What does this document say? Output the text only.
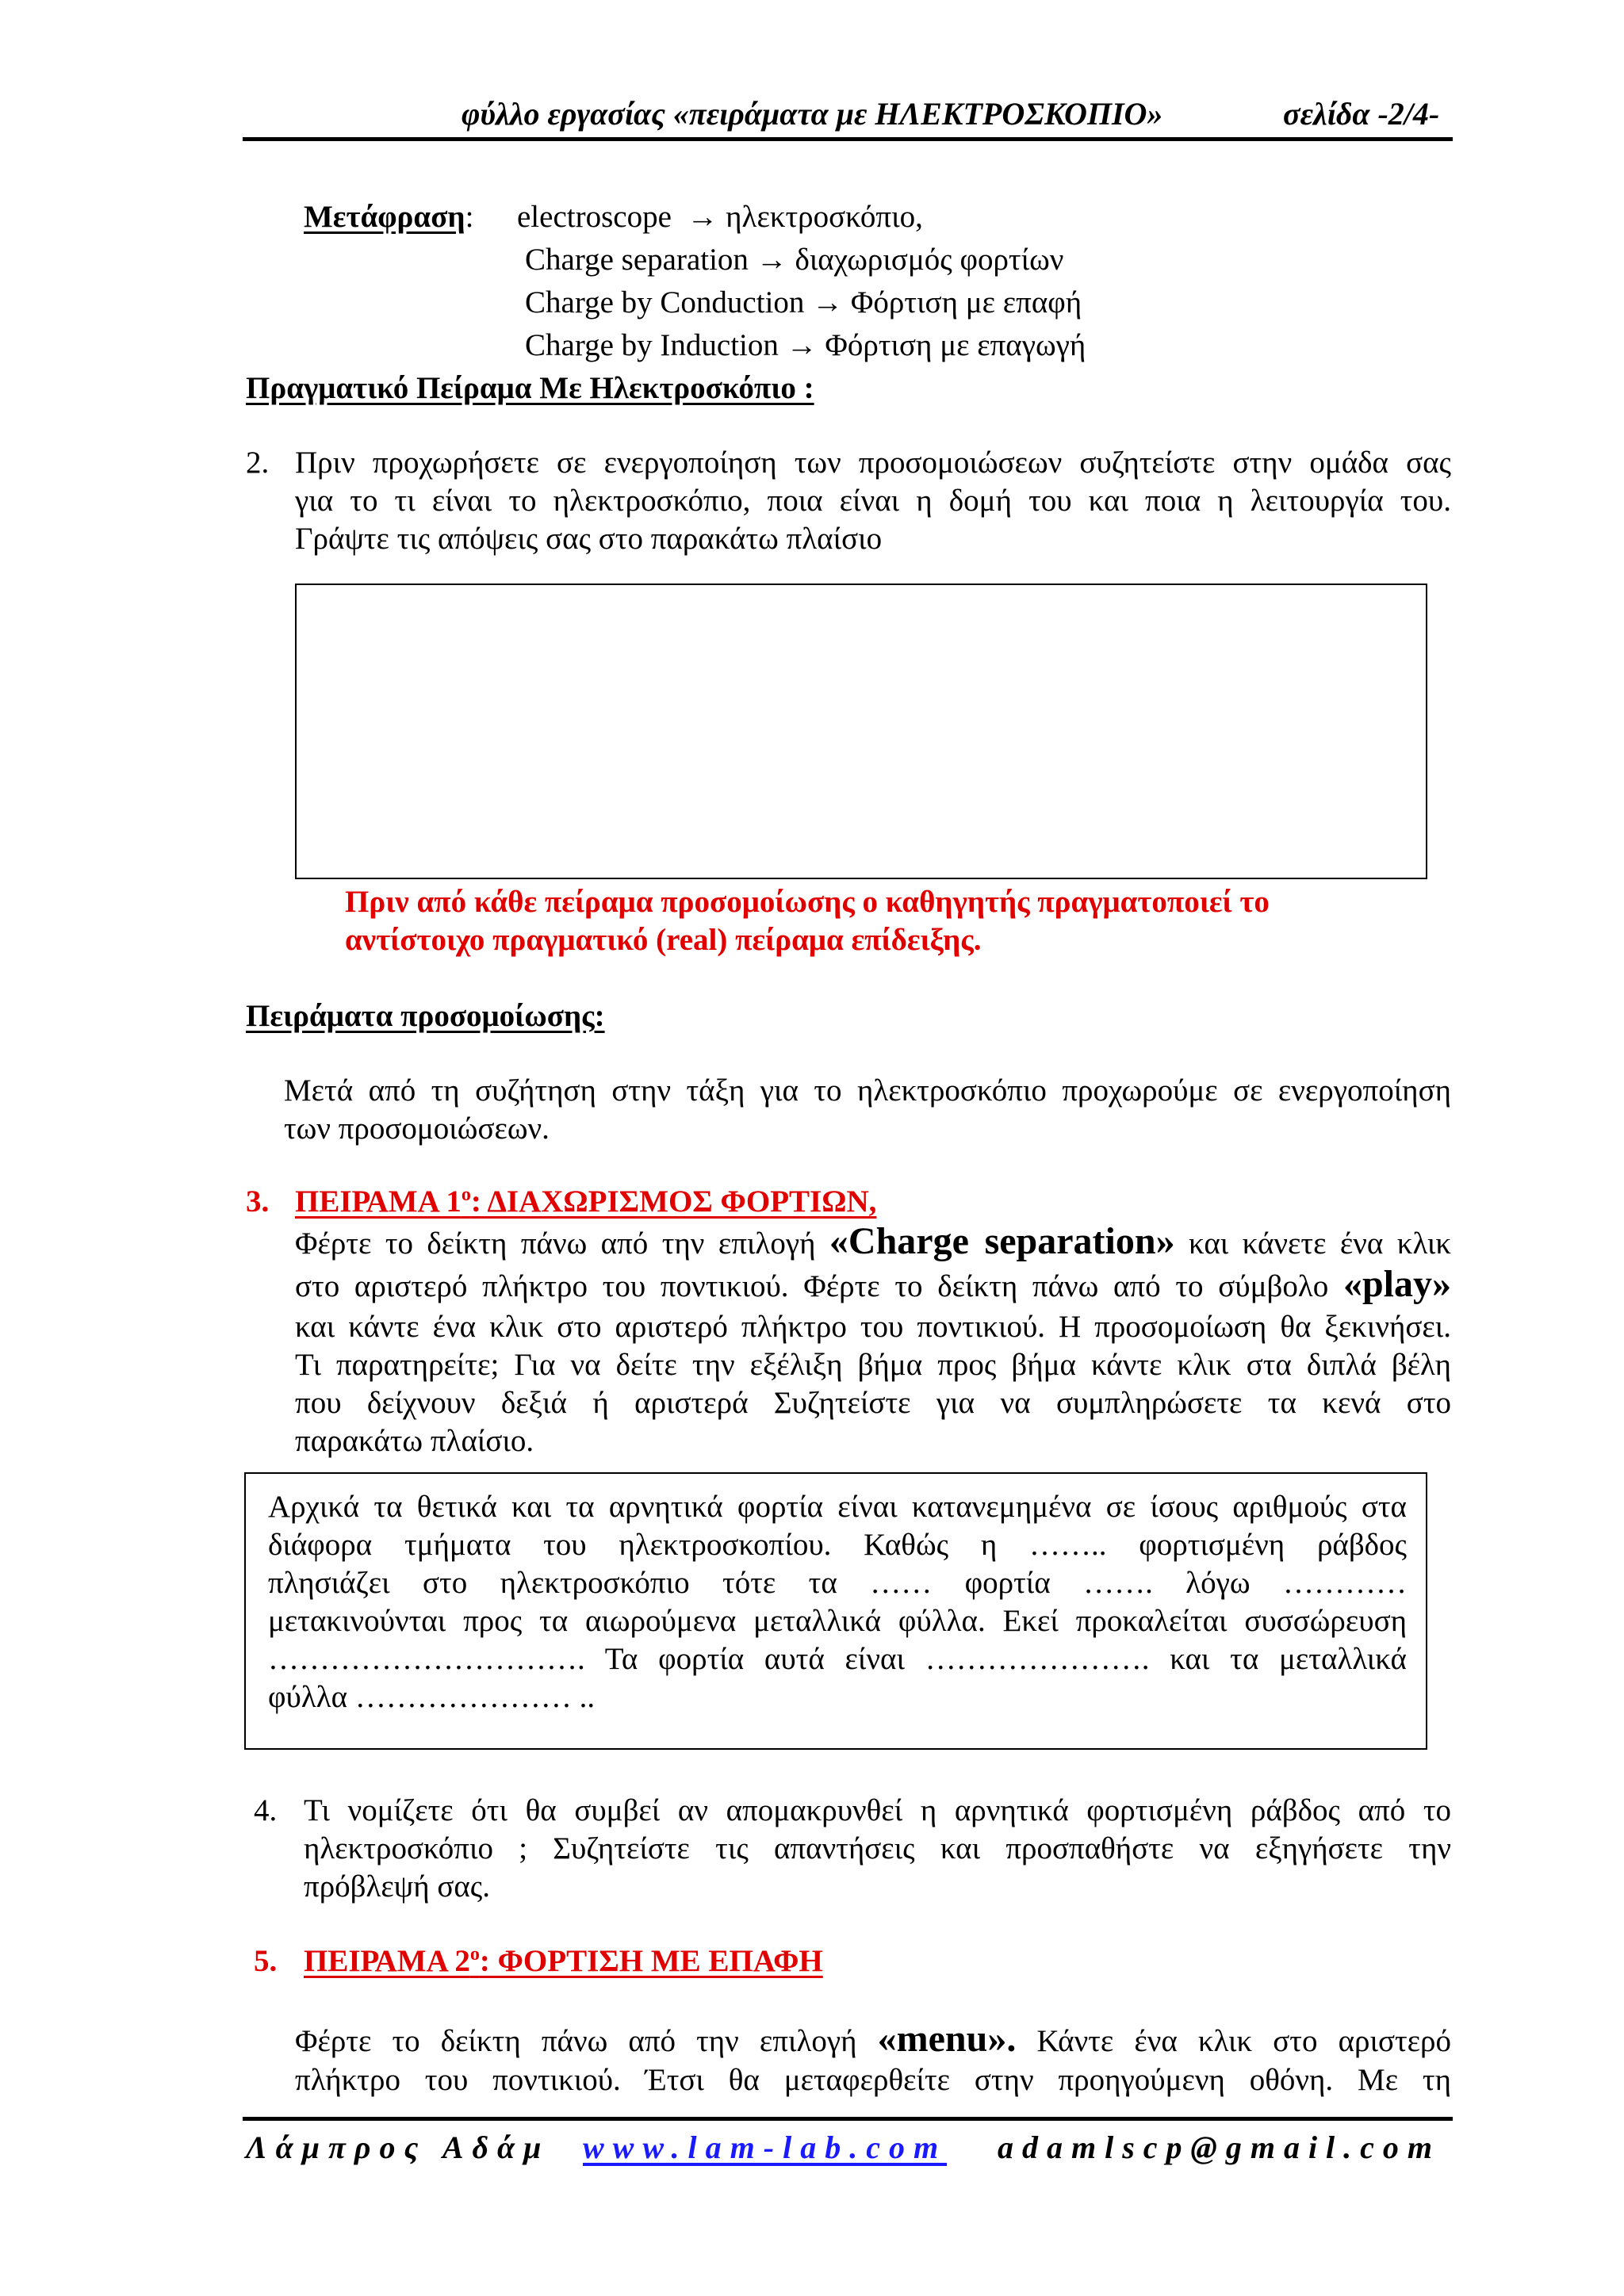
φύλλο εργασίας «πειράματα με ΗΛΕΚΤΡΟΣΚΟΠΙΟ»	σελίδα -2/4-
Μετάφραση: electroscope → ηλεκτροσκόπιο,
Charge separation → διαχωρισμός φορτίων
Charge by Conduction → Φόρτιση με επαφή
Charge by Induction → Φόρτιση με επαγωγή
Πραγματικό Πείραμα Με Ηλεκτροσκόπιο :
2. Πριν προχωρήσετε σε ενεργοποίηση των προσομοιώσεων συζητείστε στην ομάδα σας
για το τι είναι το ηλεκτροσκόπιο, ποια είναι η δομή του και ποια η λειτουργία του.
Γράψτε τις απόψεις σας στο παρακάτω πλαίσιο
Πριν από κάθε πείραμα προσομοίωσης ο καθηγητής πραγματοποιεί το
αντίστοιχο πραγματικό (real) πείραμα επίδειξης.
Πειράματα προσομοίωσης:
Μετά από τη συζήτηση στην τάξη για το ηλεκτροσκόπιο προχωρούμε σε ενεργοποίηση
των προσομοιώσεων.
3. ΠΕΙΡΑΜΑ $1^o$: ΔΙΑΧΩΡΙΣΜΟΣ ΦΟΡΤΙΩΝ,
Φέρτε το δείκτη πάνω από την επιλογή «Charge separation» και κάνετε ένα κλικ
στο αριστερό πλήκτρο του ποντικιού. Φέρτε το δείκτη πάνω από το σύμβολο «play»
και κάντε ένα κλικ στο αριστερό πλήκτρο του ποντικιού. Η προσομοίωση θα ξεκινήσει.
Τι παρατηρείτε; Για να δείτε την εξέλιξη βήμα προς βήμα κάντε κλικ στα διπλά βέλη
που δείχνουν δεξιά ή αριστερά Συζητείστε για να συμπληρώσετε τα κενά στο
παρακάτω πλαίσιο.
Αρχικά τα θετικά και τα αρνητικά φορτία είναι κατανεμημένα σε ίσους αριθμούς στα
διάφορα τμήματα του ηλεκτροσκοπίου. Καθώς η …….. φορτισμένη ράβδος
πλησιάζει στο ηλεκτροσκόπιο τότε τα …… φορτία ……. λόγω …………
μετακινούνται προς τα αιωρούμενα μεταλλικά φύλλα. Εκεί προκαλείται συσσώρευση
…………………………. Τα φορτία αυτά είναι …………………. και τα μεταλλικά
φύλλα ………………… ..
4. Τι νομίζετε ότι θα συμβεί αν απομακρυνθεί η αρνητικά φορτισμένη ράβδος από το
ηλεκτροσκόπιο ; Συζητείστε τις απαντήσεις και προσπαθήστε να εξηγήσετε την
πρόβλεψή σας.
5. ΠΕΙΡΑΜΑ $2^o$: ΦΟΡΤΙΣΗ ΜΕ ΕΠΑΦΗ
Φέρτε το δείκτη πάνω από την επιλογή «menu». Κάντε ένα κλικ στο αριστερό
πλήκτρο του ποντικιού. Έτσι θα μεταφερθείτε στην προηγούμενη οθόνη. Με τη
Λάμπρος Αδάμ www.lam-lab.com adamlscp@gmail.com
